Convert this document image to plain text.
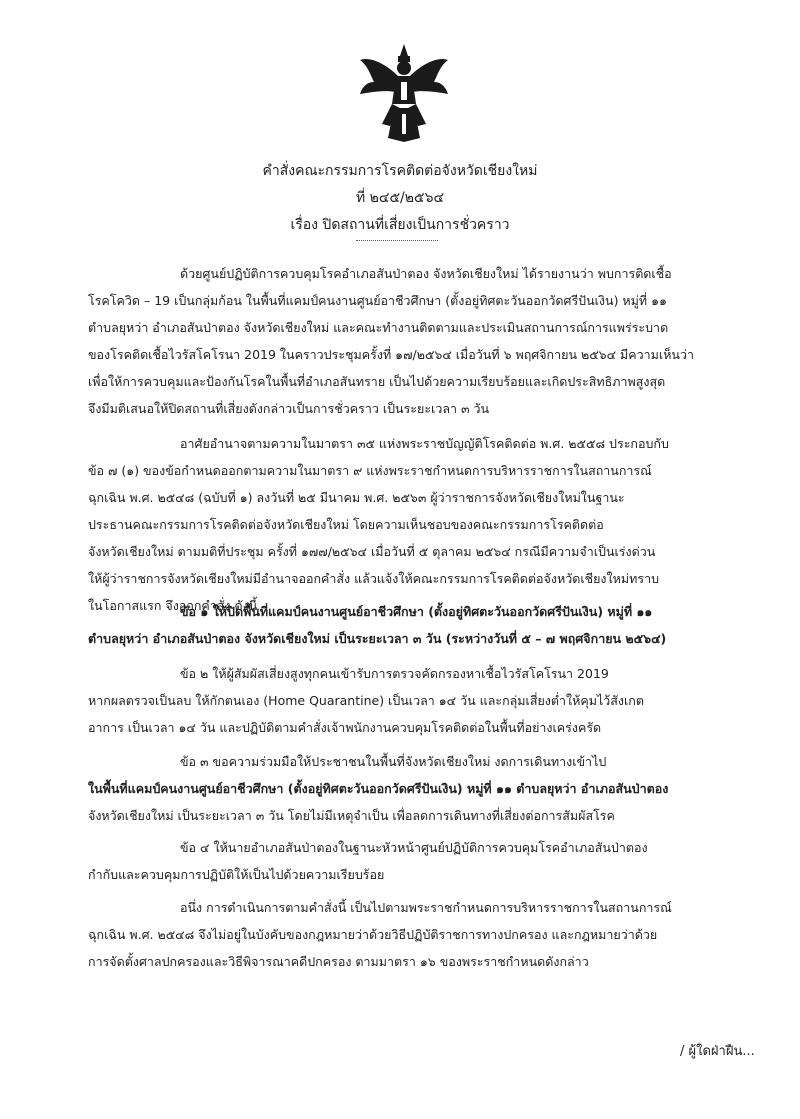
คำสั่งคณะกรรมการโรคติดต่อจังหวัดเชียงใหม่
ที่ ๒๔๕/๒๕๖๔
เรื่อง ปิดสถานที่เสี่ยงเป็นการชั่วคราว
ด้วยศูนย์ปฏิบัติการควบคุมโรคอำเภอสันป่าตอง จังหวัดเชียงใหม่ ได้รายงานว่า พบการติดเชื้อ
โรคโควิด – 19 เป็นกลุ่มก้อน ในพื้นที่แคมป์คนงานศูนย์อาชีวศึกษา (ตั้งอยู่ทิศตะวันออกวัดศรีปันเงิน) หมู่ที่ ๑๑
ตำบลยุหว่า อำเภอสันป่าตอง จังหวัดเชียงใหม่ และคณะทำงานติดตามและประเมินสถานการณ์การแพร่ระบาด
ของโรคติดเชื้อไวรัสโคโรนา 2019 ในคราวประชุมครั้งที่ ๑๗/๒๕๖๔ เมื่อวันที่ ๖ พฤศจิกายน ๒๕๖๔ มีความเห็นว่า
เพื่อให้การควบคุมและป้องกันโรคในพื้นที่อำเภอสันทราย เป็นไปด้วยความเรียบร้อยและเกิดประสิทธิภาพสูงสุด
จึงมีมติเสนอให้ปิดสถานที่เสี่ยงดังกล่าวเป็นการชั่วคราว เป็นระยะเวลา ๓ วัน
อาศัยอำนาจตามความในมาตรา ๓๕ แห่งพระราชบัญญัติโรคติดต่อ พ.ศ. ๒๕๕๘ ประกอบกับ
ข้อ ๗ (๑) ของข้อกำหนดออกตามความในมาตรา ๙ แห่งพระราชกำหนดการบริหารราชการในสถานการณ์
ฉุกเฉิน พ.ศ. ๒๕๔๘ (ฉบับที่ ๑) ลงวันที่ ๒๕ มีนาคม พ.ศ. ๒๕๖๓ ผู้ว่าราชการจังหวัดเชียงใหม่ในฐานะ
ประธานคณะกรรมการโรคติดต่อจังหวัดเชียงใหม่ โดยความเห็นชอบของคณะกรรมการโรคติดต่อ
จังหวัดเชียงใหม่ ตามมติที่ประชุม ครั้งที่ ๑๗๗/๒๕๖๔ เมื่อวันที่ ๕ ตุลาคม ๒๕๖๔ กรณีมีความจำเป็นเร่งด่วน
ให้ผู้ว่าราชการจังหวัดเชียงใหม่มีอำนาจออกคำสั่ง แล้วแจ้งให้คณะกรรมการโรคติดต่อจังหวัดเชียงใหม่ทราบ
ในโอกาสแรก จึงออกคำสั่ง ดังนี้
ข้อ ๑ ให้ปิดพื้นที่แคมป์คนงานศูนย์อาชีวศึกษา (ตั้งอยู่ทิศตะวันออกวัดศรีปันเงิน) หมู่ที่ ๑๑
ตำบลยุหว่า อำเภอสันป่าตอง จังหวัดเชียงใหม่ เป็นระยะเวลา ๓ วัน (ระหว่างวันที่ ๕ – ๗ พฤศจิกายน ๒๕๖๔)
ข้อ ๒ ให้ผู้สัมผัสเสี่ยงสูงทุกคนเข้ารับการตรวจคัดกรองหาเชื้อไวรัสโคโรนา 2019
หากผลตรวจเป็นลบ ให้กักตนเอง (Home Quarantine) เป็นเวลา ๑๔ วัน และกลุ่มเสี่ยงต่ำให้คุมไว้สังเกต
อาการ เป็นเวลา ๑๔ วัน และปฏิบัติตามคำสั่งเจ้าพนักงานควบคุมโรคติดต่อในพื้นที่อย่างเคร่งครัด
ข้อ ๓ ขอความร่วมมือให้ประชาชนในพื้นที่จังหวัดเชียงใหม่ งดการเดินทางเข้าไป
ในพื้นที่แคมป์คนงานศูนย์อาชีวศึกษา (ตั้งอยู่ทิศตะวันออกวัดศรีปันเงิน) หมู่ที่ ๑๑ ตำบลยุหว่า อำเภอสันป่าตอง
จังหวัดเชียงใหม่ เป็นระยะเวลา ๓ วัน โดยไม่มีเหตุจำเป็น เพื่อลดการเดินทางที่เสี่ยงต่อการสัมผัสโรค
ข้อ ๔ ให้นายอำเภอสันป่าตองในฐานะหัวหน้าศูนย์ปฏิบัติการควบคุมโรคอำเภอสันป่าตอง
กำกับและควบคุมการปฏิบัติให้เป็นไปด้วยความเรียบร้อย
อนึ่ง การดำเนินการตามคำสั่งนี้ เป็นไปตามพระราชกำหนดการบริหารราชการในสถานการณ์
ฉุกเฉิน พ.ศ. ๒๕๔๘ จึงไม่อยู่ในบังคับของกฎหมายว่าด้วยวิธีปฏิบัติราชการทางปกครอง และกฎหมายว่าด้วย
การจัดตั้งศาลปกครองและวิธีพิจารณาคดีปกครอง ตามมาตรา ๑๖ ของพระราชกำหนดดังกล่าว
/ ผู้ใดฝ่าฝืน...
